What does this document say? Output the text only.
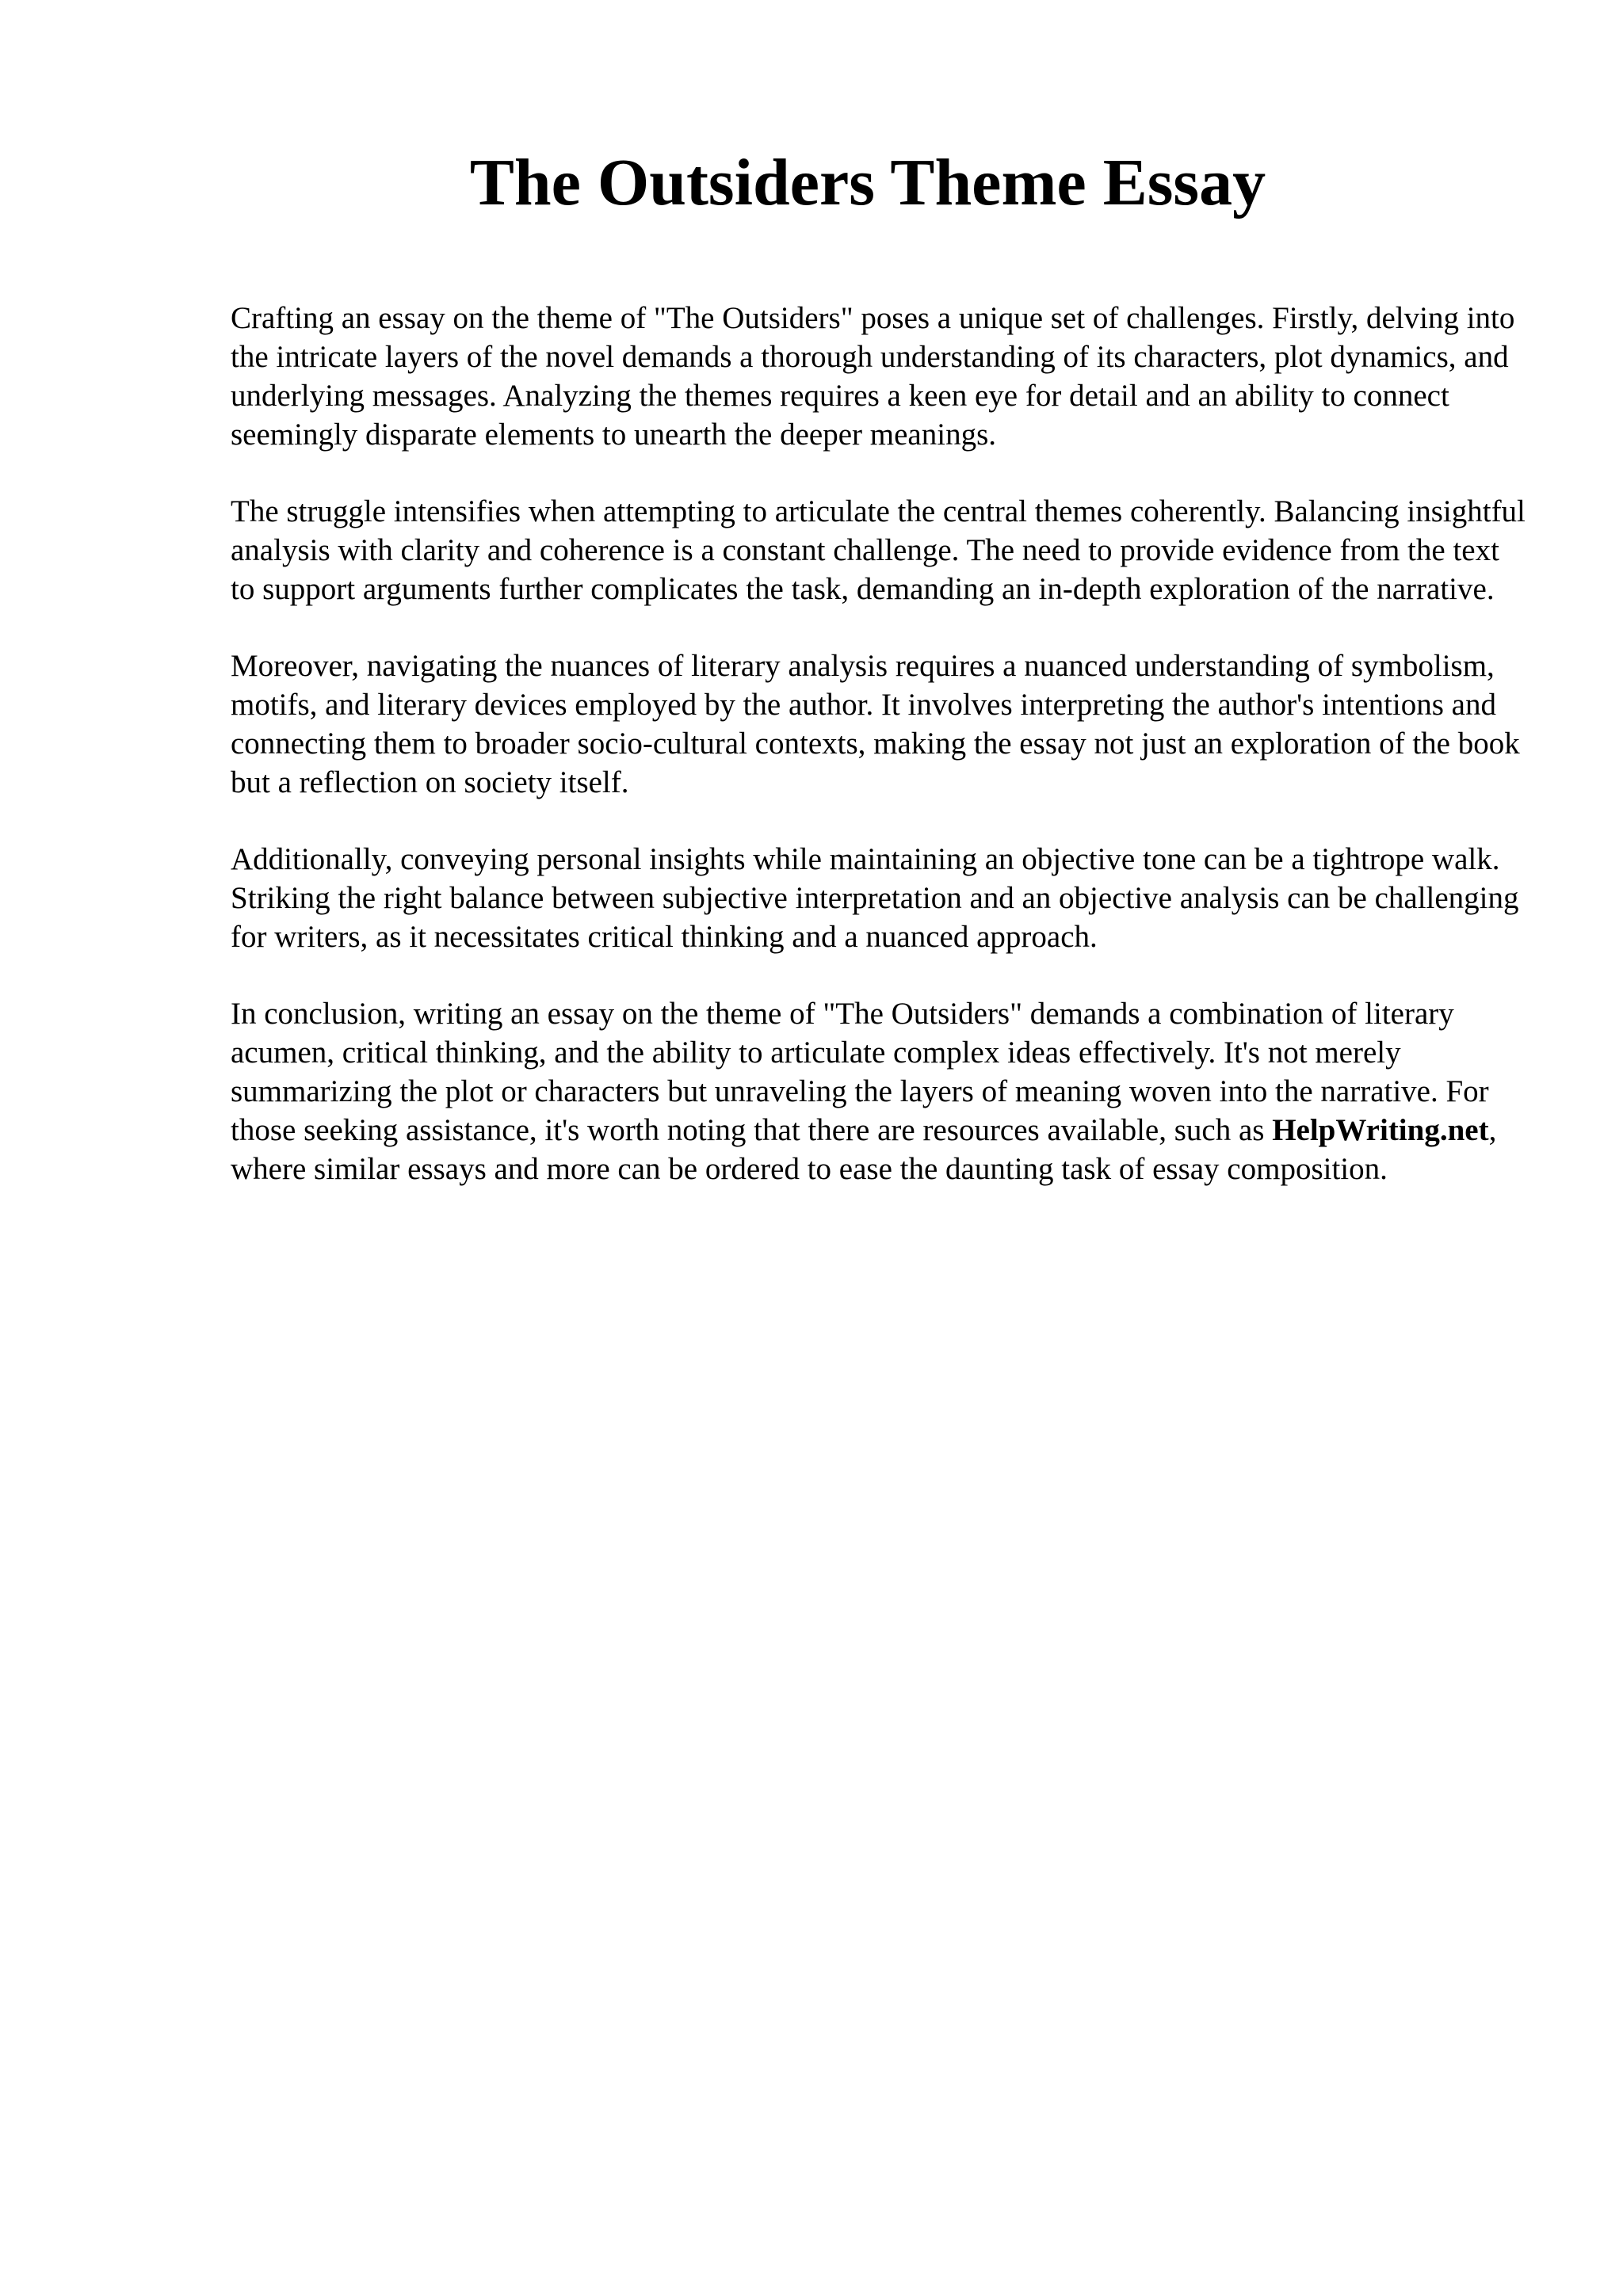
The Outsiders Theme Essay

Crafting an essay on the theme of "The Outsiders" poses a unique set of challenges. Firstly, delving into the intricate layers of the novel demands a thorough understanding of its characters, plot dynamics, and underlying messages. Analyzing the themes requires a keen eye for detail and an ability to connect seemingly disparate elements to unearth the deeper meanings.

The struggle intensifies when attempting to articulate the central themes coherently. Balancing insightful analysis with clarity and coherence is a constant challenge. The need to provide evidence from the text to support arguments further complicates the task, demanding an in-depth exploration of the narrative.

Moreover, navigating the nuances of literary analysis requires a nuanced understanding of symbolism, motifs, and literary devices employed by the author. It involves interpreting the author's intentions and connecting them to broader socio-cultural contexts, making the essay not just an exploration of the book but a reflection on society itself.

Additionally, conveying personal insights while maintaining an objective tone can be a tightrope walk. Striking the right balance between subjective interpretation and an objective analysis can be challenging for writers, as it necessitates critical thinking and a nuanced approach.

In conclusion, writing an essay on the theme of "The Outsiders" demands a combination of literary acumen, critical thinking, and the ability to articulate complex ideas effectively. It's not merely summarizing the plot or characters but unraveling the layers of meaning woven into the narrative. For those seeking assistance, it's worth noting that there are resources available, such as HelpWriting.net, where similar essays and more can be ordered to ease the daunting task of essay composition.
